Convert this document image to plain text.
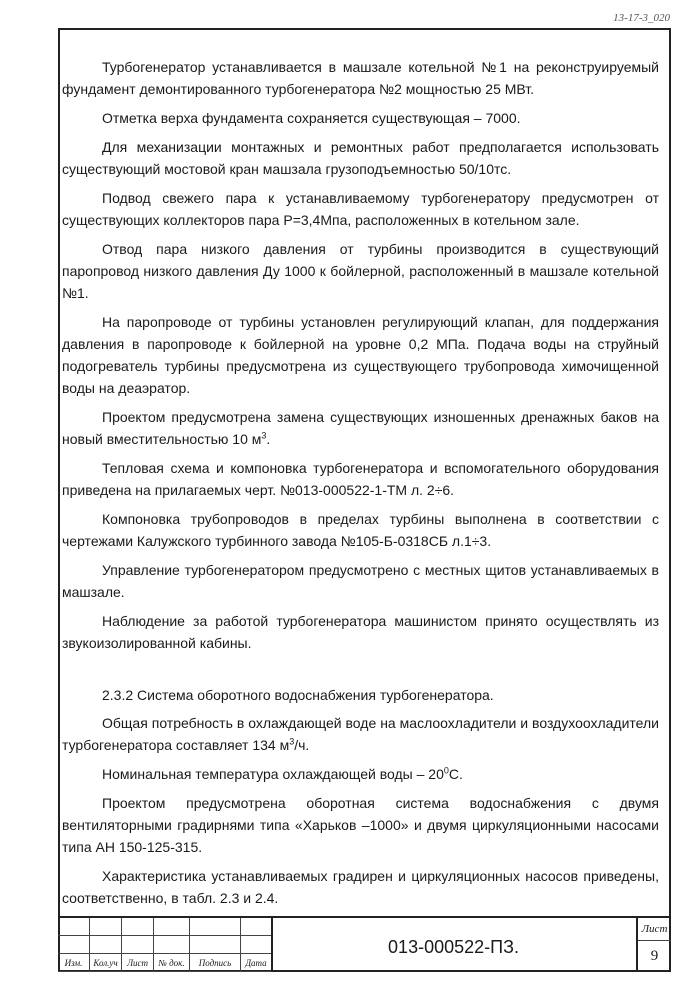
13-17-3_020

Турбогенератор устанавливается в машзале котельной №1 на реконструируемый фундамент демонтированного турбогенератора №2 мощностью 25 МВт.

Отметка верха фундамента сохраняется существующая – 7000.

Для механизации монтажных и ремонтных работ предполагается использовать существующий мостовой кран машзала грузоподъемностью 50/10тс.

Подвод свежего пара к устанавливаемому турбогенератору предусмотрен от существующих коллекторов пара P=3,4Мпа, расположенных в котельном зале.

Отвод пара низкого давления от турбины производится в существующий паропровод низкого давления Ду 1000 к бойлерной, расположенный в машзале котельной №1.

На паропроводе от турбины установлен регулирующий клапан, для поддержания давления в паропроводе к бойлерной на уровне 0,2 МПа. Подача воды на струйный подогреватель турбины предусмотрена из существующего трубопровода химочищенной воды на деаэратор.

Проектом предусмотрена замена существующих изношенных дренажных баков на новый вместительностью 10 $м^3$.

Тепловая схема и компоновка турбогенератора и вспомогательного оборудования приведена на прилагаемых черт. №013-000522-1-ТМ л. 2÷6.

Компоновка трубопроводов в пределах турбины выполнена в соответствии с чертежами Калужского турбинного завода №105-Б-0318СБ л.1÷3.

Управление турбогенератором предусмотрено с местных щитов устанавливаемых в машзале.

Наблюдение за работой турбогенератора машинистом принято осуществлять из звукоизолированной кабины.

2.3.2 Система оборотного водоснабжения турбогенератора.

Общая потребность в охлаждающей воде на маслоохладители и воздухоохладители турбогенератора составляет 134 $м^3/ч$.

Номинальная температура охлаждающей воды – $20^0С$.

Проектом предусмотрена оборотная система водоснабжения с двумя вентиляторными градирнями типа «Харьков –1000» и двумя циркуляционными насосами типа АН 150-125-315.

Характеристика устанавливаемых градирен и циркуляционных насосов приведены, соответственно, в табл. 2.3 и 2.4.

Изм.	Кол.уч	Лист	№ док.	Подпись	Дата
013-000522-ПЗ.
Лист
9
